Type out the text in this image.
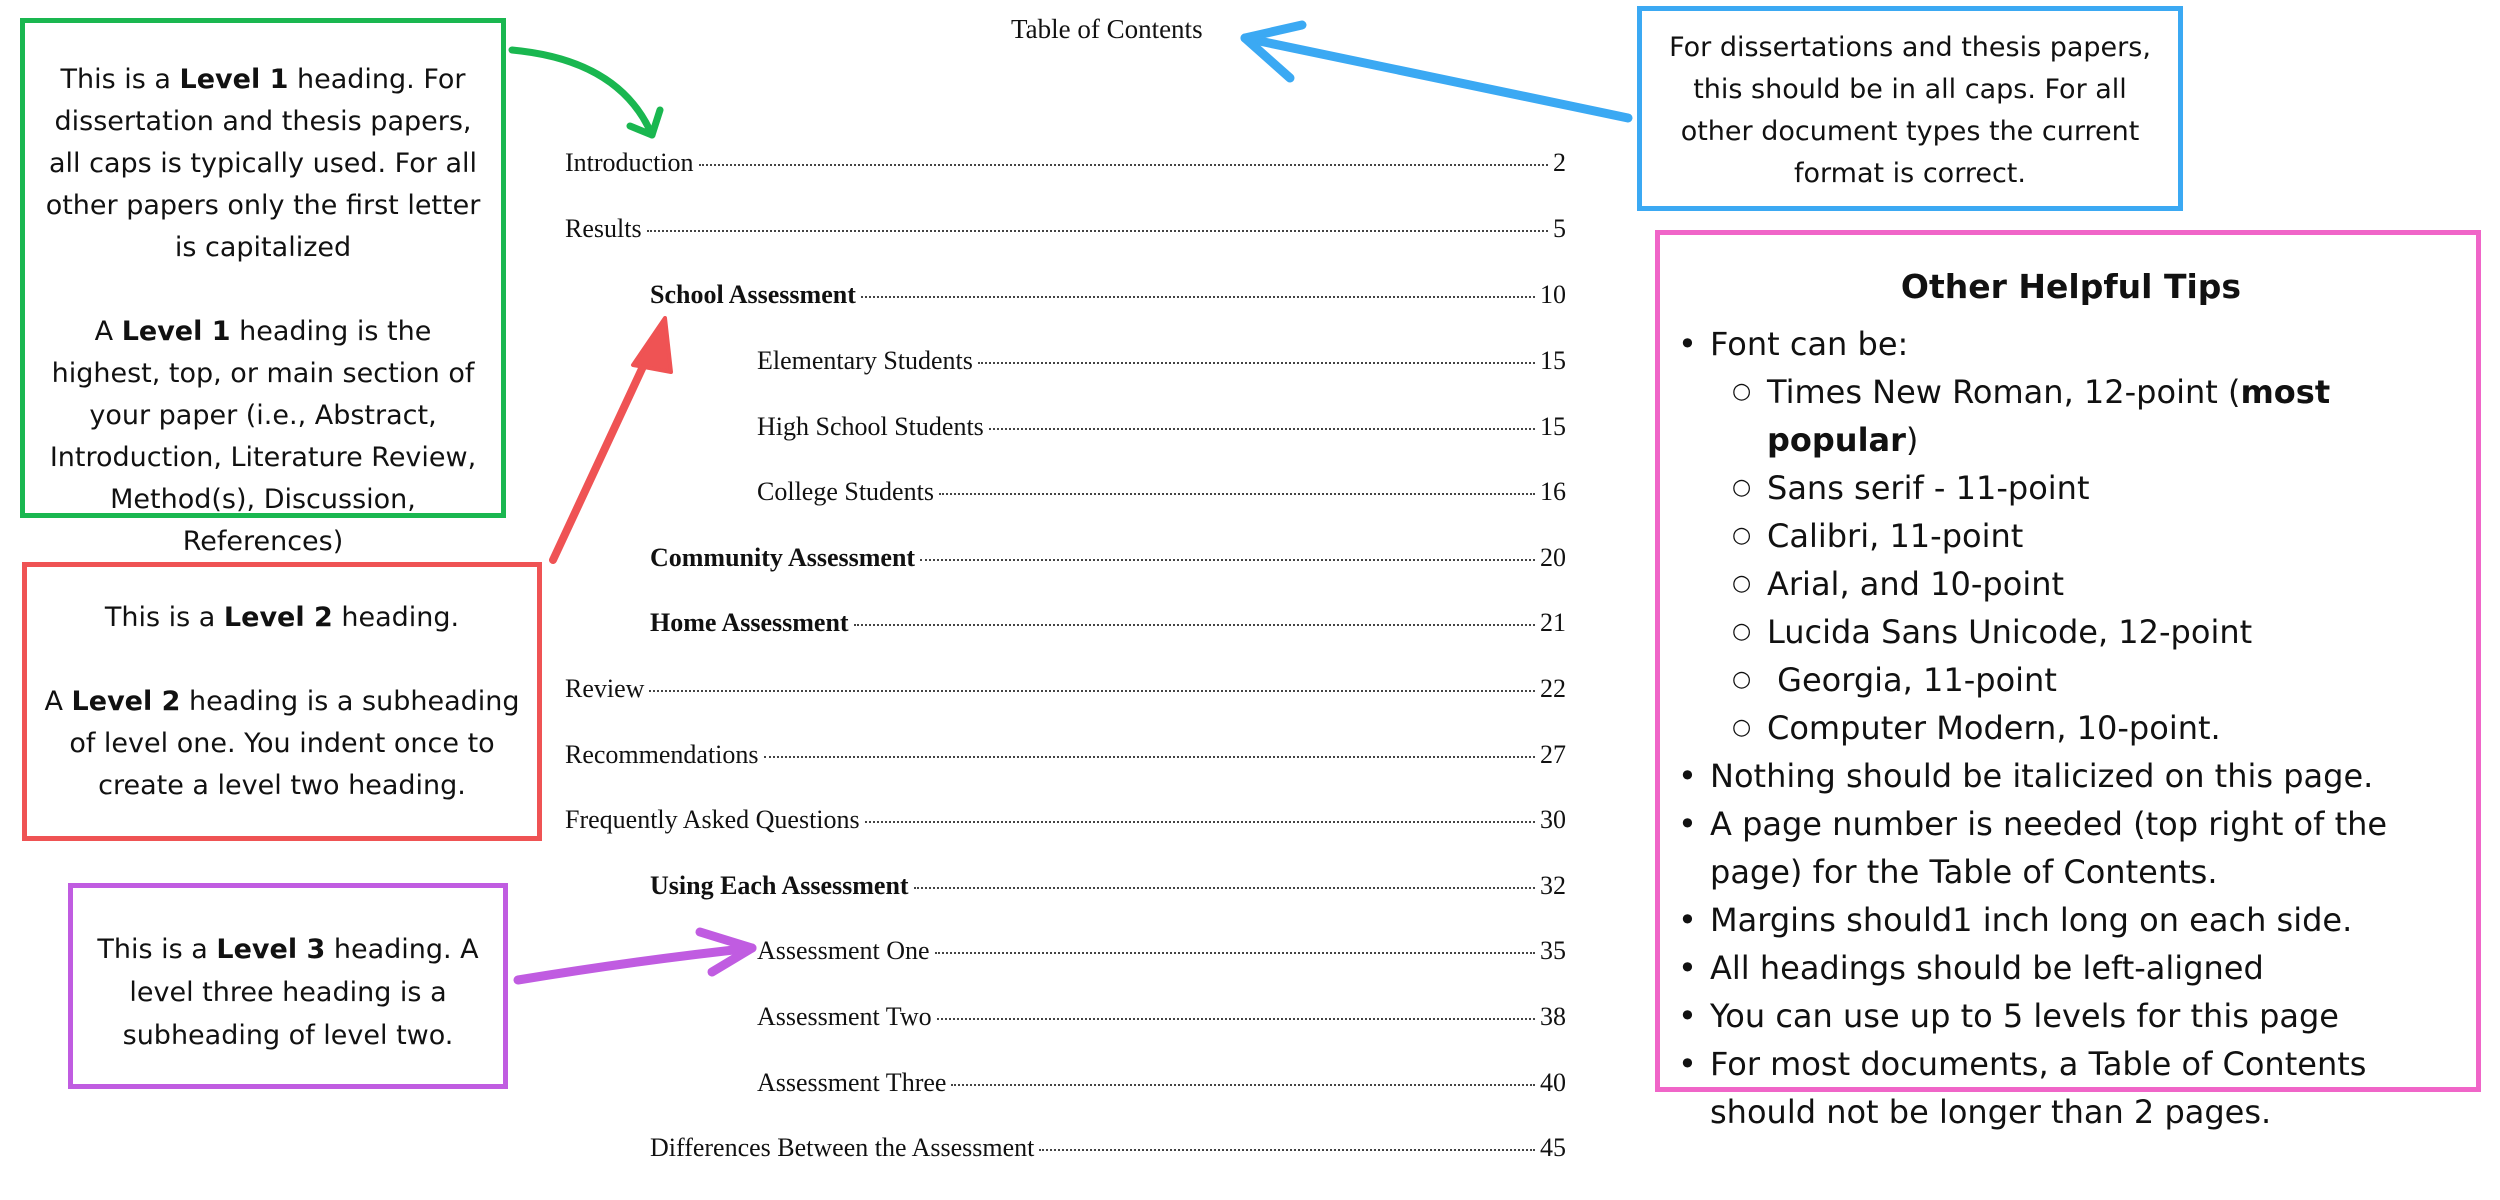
Table of Contents
Introduction	2
Results	5
School Assessment	10
Elementary Students	15
High School Students	15
College Students	16
Community Assessment	20
Home Assessment	21
Review	22
Recommendations	27
Frequently Asked Questions	30
Using Each Assessment	32
Assessment One	35
Assessment Two	38
Assessment Three	40
Differences Between the Assessment	45

This is a Level 1 heading. For dissertation and thesis papers, all caps is typically used. For all other papers only the first letter is capitalized

A Level 1 heading is the highest, top, or main section of your paper (i.e., Abstract, Introduction, Literature Review, Method(s), Discussion, References)

This is a Level 2 heading.

A Level 2 heading is a subheading of level one. You indent once to create a level two heading.

This is a Level 3 heading. A level three heading is a subheading of level two.

For dissertations and thesis papers, this should be in all caps. For all other document types the current format is correct.

Other Helpful Tips
• Font can be:
○ Times New Roman, 12-point (most popular)
○ Sans serif - 11-point
○ Calibri, 11-point
○ Arial, and 10-point
○ Lucida Sans Unicode, 12-point
○  Georgia, 11-point
○ Computer Modern, 10-point.
• Nothing should be italicized on this page.
• A page number is needed (top right of the page) for the Table of Contents.
• Margins should1 inch long on each side.
• All headings should be left-aligned
• You can use up to 5 levels for this page
• For most documents, a Table of Contents should not be longer than 2 pages.
